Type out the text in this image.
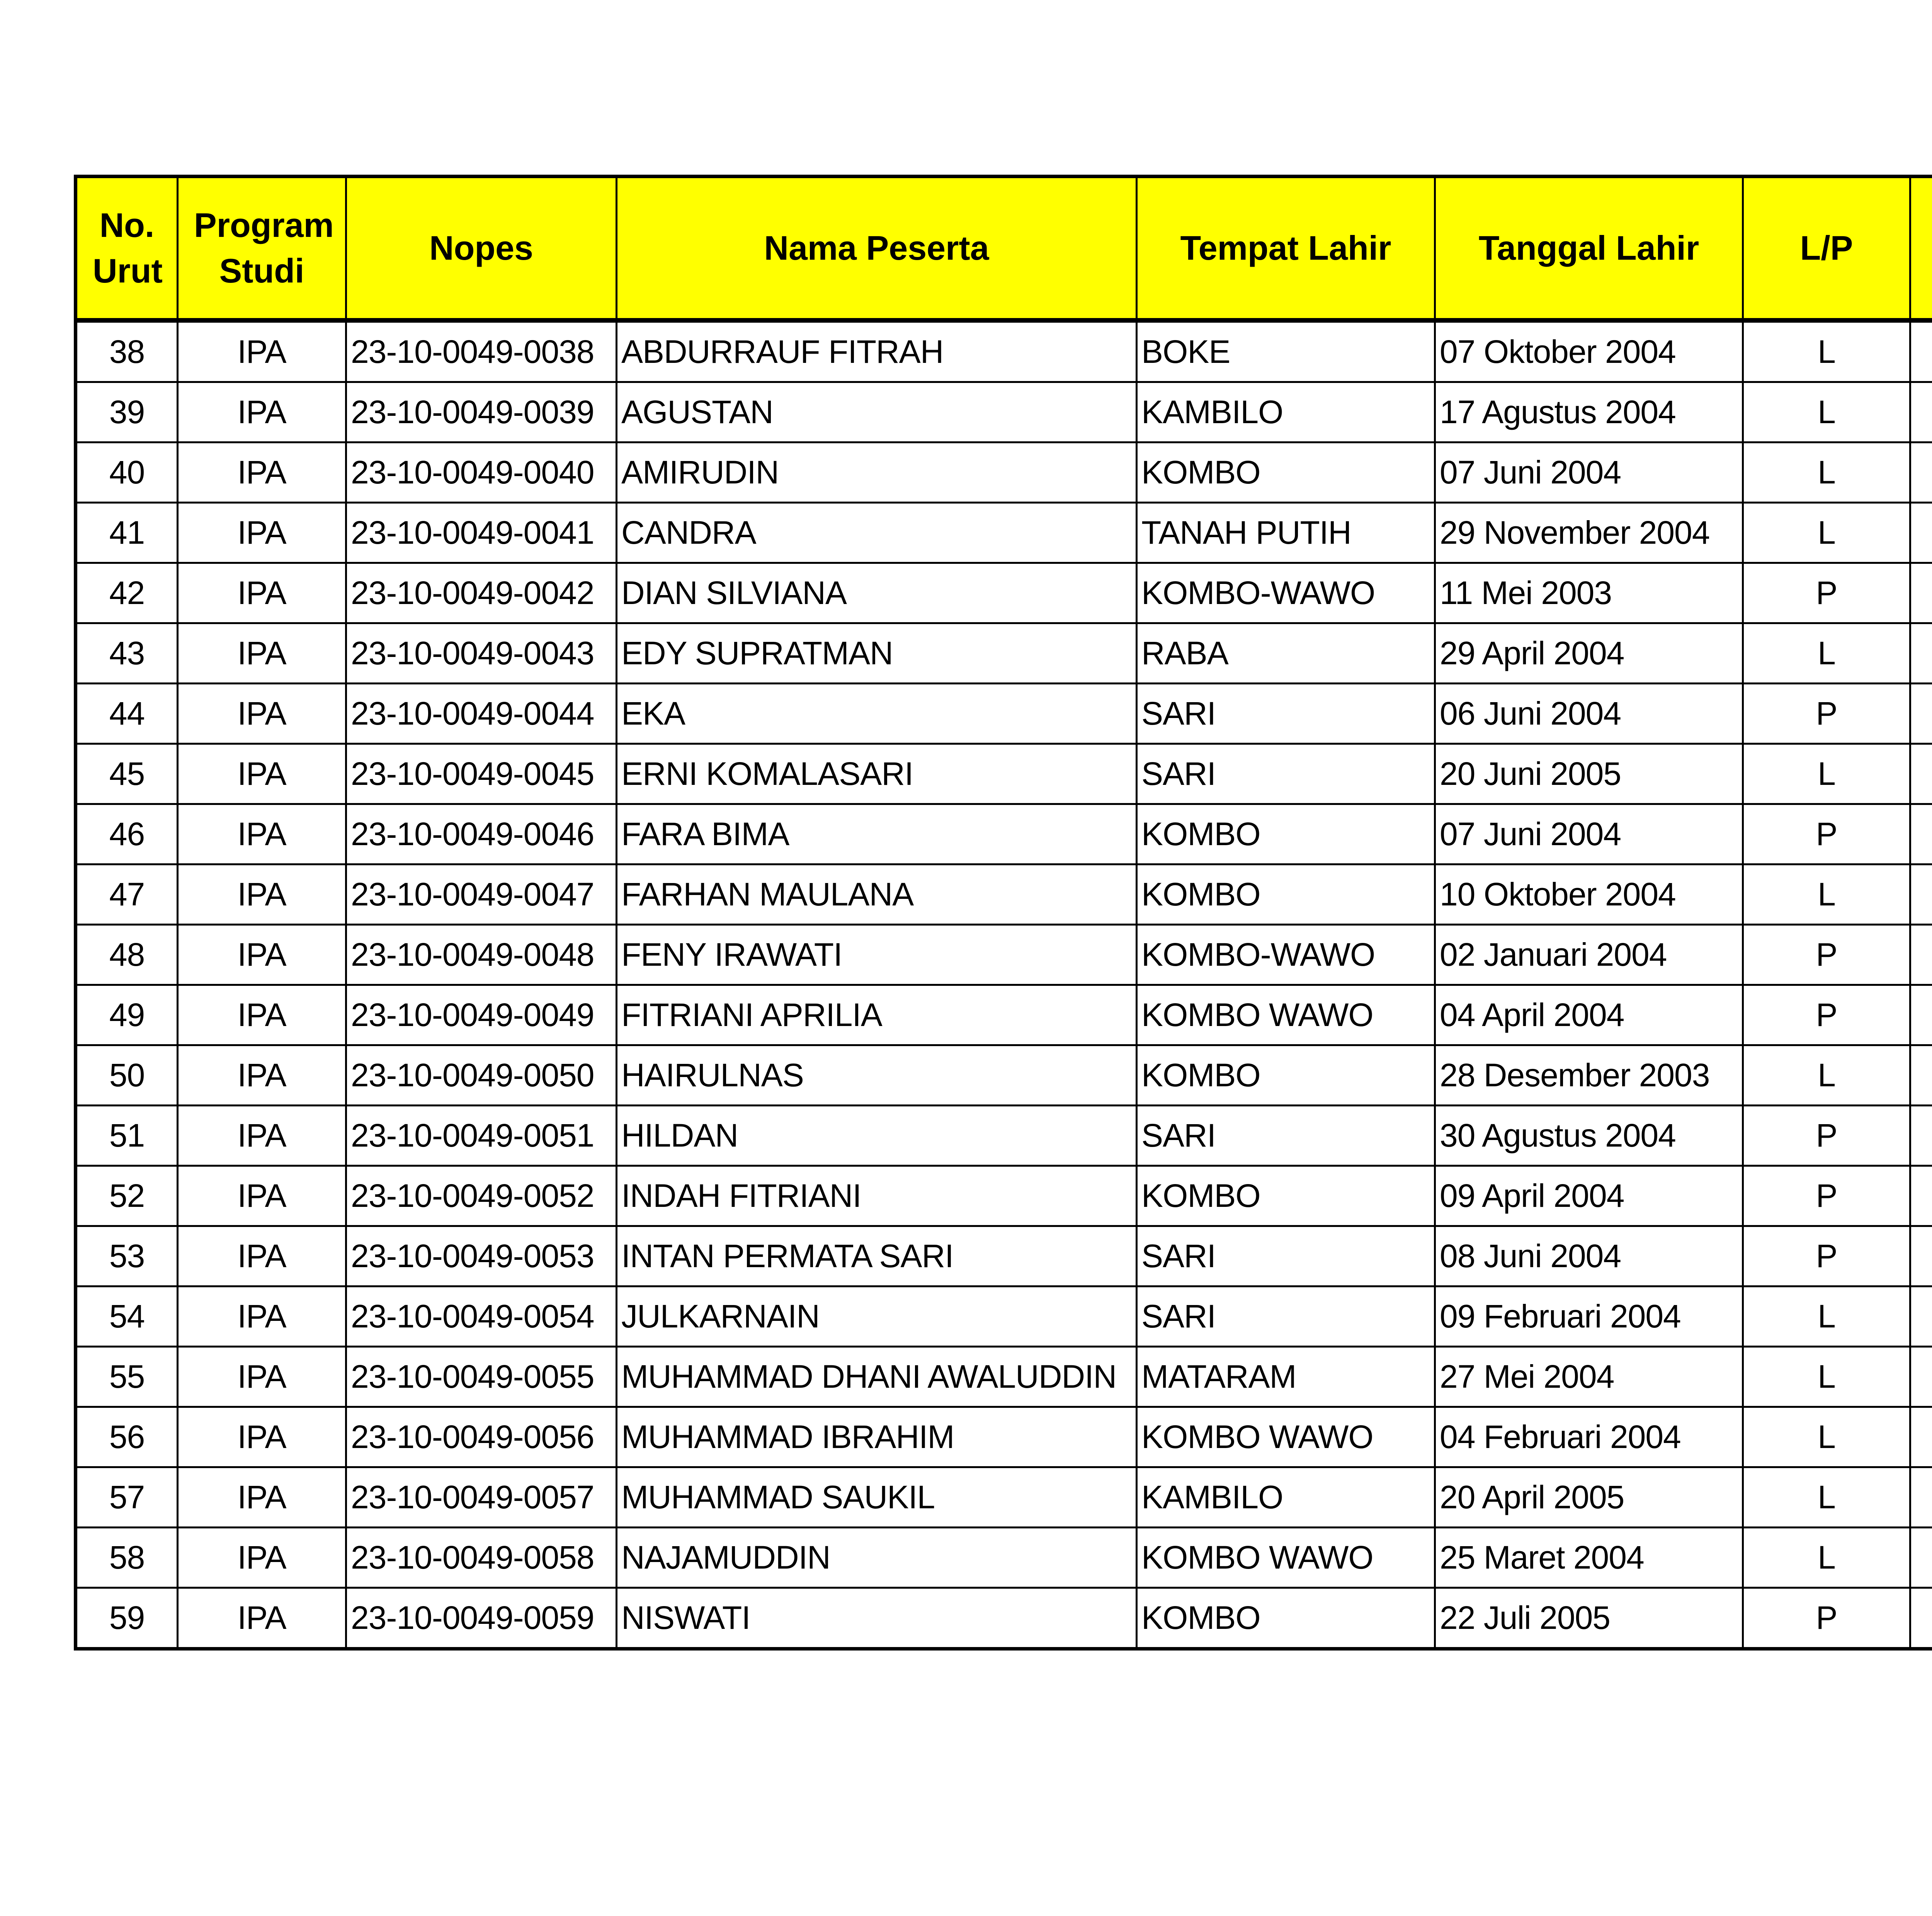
No. Urut	Program Studi	Nopes	Nama Peserta	Tempat Lahir	Tanggal Lahir	L/P			
38	IPA	23-10-0049-0038	ABDURRAUF FITRAH	BOKE	07 Oktober 2004	L			
39	IPA	23-10-0049-0039	AGUSTAN	KAMBILO	17 Agustus 2004	L			
40	IPA	23-10-0049-0040	AMIRUDIN	KOMBO	07 Juni 2004	L			
41	IPA	23-10-0049-0041	CANDRA	TANAH PUTIH	29 November 2004	L			
42	IPA	23-10-0049-0042	DIAN SILVIANA	KOMBO-WAWO	11 Mei 2003	P			
43	IPA	23-10-0049-0043	EDY SUPRATMAN	RABA	29 April 2004	L			
44	IPA	23-10-0049-0044	EKA	SARI	06 Juni 2004	P			
45	IPA	23-10-0049-0045	ERNI KOMALASARI	SARI	20 Juni 2005	L			
46	IPA	23-10-0049-0046	FARA BIMA	KOMBO	07 Juni 2004	P			
47	IPA	23-10-0049-0047	FARHAN MAULANA	KOMBO	10 Oktober 2004	L			
48	IPA	23-10-0049-0048	FENY IRAWATI	KOMBO-WAWO	02 Januari 2004	P			
49	IPA	23-10-0049-0049	FITRIANI APRILIA	KOMBO WAWO	04 April 2004	P			
50	IPA	23-10-0049-0050	HAIRULNAS	KOMBO	28 Desember 2003	L			
51	IPA	23-10-0049-0051	HILDAN	SARI	30 Agustus 2004	P			
52	IPA	23-10-0049-0052	INDAH FITRIANI	KOMBO	09 April 2004	P			
53	IPA	23-10-0049-0053	INTAN PERMATA SARI	SARI	08 Juni 2004	P			
54	IPA	23-10-0049-0054	JULKARNAIN	SARI	09 Februari 2004	L			
55	IPA	23-10-0049-0055	MUHAMMAD DHANI AWALUDDIN	MATARAM	27 Mei 2004	L			
56	IPA	23-10-0049-0056	MUHAMMAD IBRAHIM	KOMBO WAWO	04 Februari 2004	L			
57	IPA	23-10-0049-0057	MUHAMMAD SAUKIL	KAMBILO	20 April 2005	L			
58	IPA	23-10-0049-0058	NAJAMUDDIN	KOMBO WAWO	25 Maret 2004	L			
59	IPA	23-10-0049-0059	NISWATI	KOMBO	22 Juli 2005	P			
